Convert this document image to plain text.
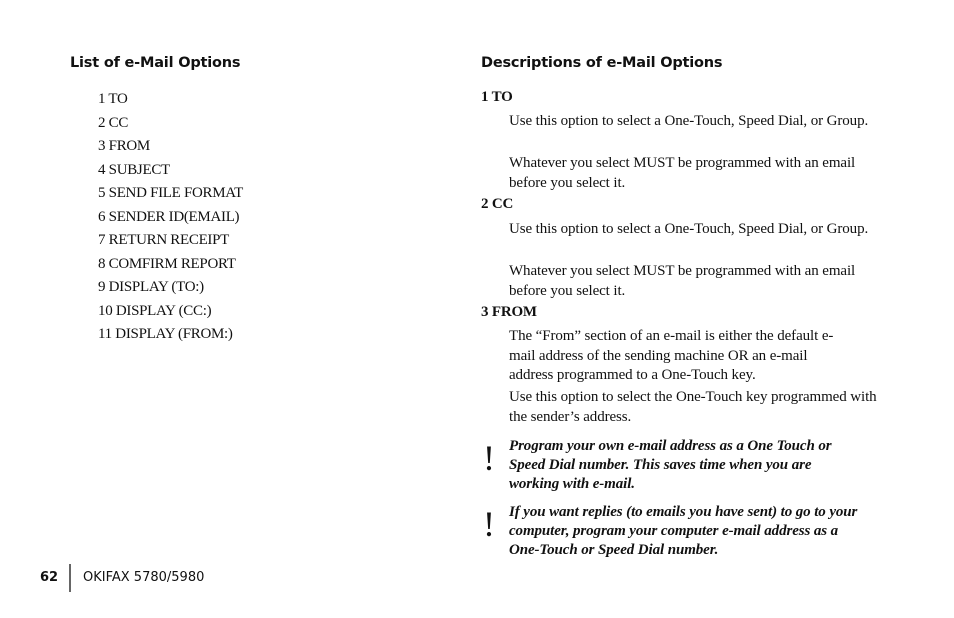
List of e-Mail Options
1 TO
2 CC
3 FROM
4 SUBJECT
5 SEND FILE FORMAT
6 SENDER ID(EMAIL)
7 RETURN RECEIPT
8 COMFIRM REPORT
9 DISPLAY (TO:)
10 DISPLAY (CC:)
11 DISPLAY (FROM:)
Descriptions of e-Mail Options
1 TO
Use this option to select a One-Touch, Speed Dial, or Group.
Whatever you select MUST be programmed with an email before you select it.
2 CC
Use this option to select a One-Touch, Speed Dial, or Group.
Whatever you select MUST be programmed with an email before you select it.
3 FROM
The “From” section of an e-mail is either the default e-mail address of the sending machine OR an e-mail address programmed to a One-Touch key.
Use this option to select the One-Touch key programmed with the sender’s address.
! Program your own e-mail address as a One Touch or Speed Dial number. This saves time when you are working with e-mail.
! If you want replies (to emails you have sent) to go to your computer, program your computer e-mail address as a One-Touch or Speed Dial number.
62 OKIFAX 5780/5980
